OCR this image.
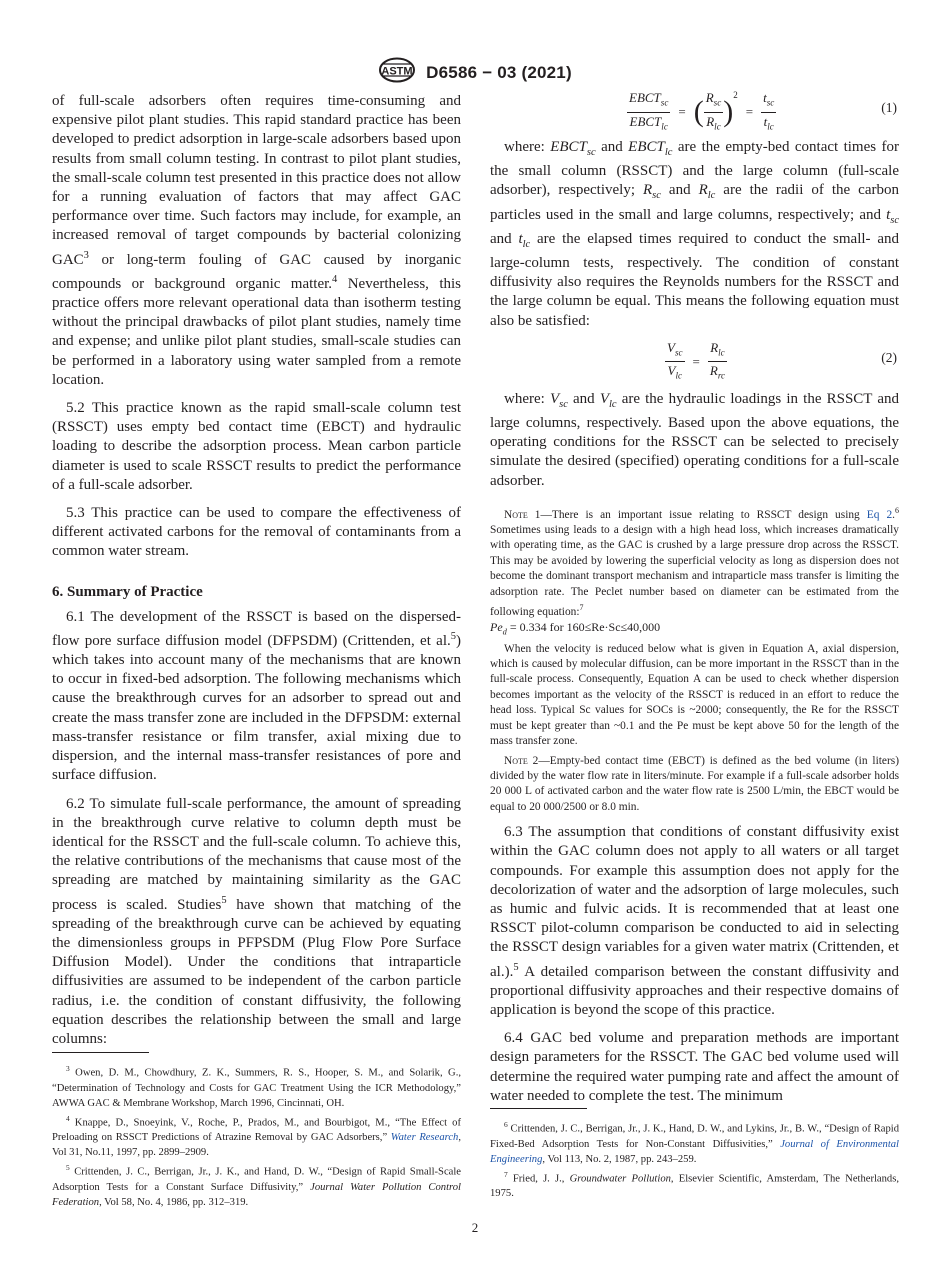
ASTM D6586 − 03 (2021)

of full-scale adsorbers often requires time-consuming and expensive pilot plant studies. This rapid standard practice has been developed to predict adsorption in large-scale adsorbers based upon results from small column testing. In contrast to pilot plant studies, the small-scale column test presented in this practice does not allow for a running evaluation of factors that may affect GAC performance over time. Such factors may include, for example, an increased removal of target compounds by bacterial colonizing GAC$^3$ or long-term fouling of GAC caused by inorganic compounds or background organic matter.$^4$ Nevertheless, this practice offers more relevant operational data than isotherm testing without the principal drawbacks of pilot plant studies, namely time and expense; and unlike pilot plant studies, small-scale studies can be performed in a laboratory using water sampled from a remote location.

5.2 This practice known as the rapid small-scale column test (RSSCT) uses empty bed contact time (EBCT) and hydraulic loading to describe the adsorption process. Mean carbon particle diameter is used to scale RSSCT results to predict the performance of a full-scale adsorber.

5.3 This practice can be used to compare the effectiveness of different activated carbons for the removal of contaminants from a common water stream.

6. Summary of Practice

6.1 The development of the RSSCT is based on the dispersed-flow pore surface diffusion model (DFPSDM) (Crittenden, et al.$^5$) which takes into account many of the mechanisms that are known to occur in fixed-bed adsorption. The following mechanisms which cause the breakthrough curves for an adsorber to spread out and create the mass transfer zone are included in the DFPSDM: external mass-transfer resistance or film transfer, axial mixing due to dispersion, and the internal mass-transfer resistances of pore and surface diffusion.

6.2 To simulate full-scale performance, the amount of spreading in the breakthrough curve relative to column depth must be identical for the RSSCT and the full-scale column. To achieve this, the relative contributions of the mechanisms that cause most of the spreading are matched by maintaining similarity as the GAC process is scaled. Studies$^5$ have shown that matching of the spreading of the breakthrough curve can be achieved by equating the dimensionless groups in PFPSDM (Plug Flow Pore Surface Diffusion Model). Under the conditions that intraparticle diffusivities are assumed to be independent of the carbon particle radius, i.e. the condition of constant diffusivity, the following equation describes the relationship between the small and large columns:

$^3$ Owen, D. M., Chowdhury, Z. K., Summers, R. S., Hooper, S. M., and Solarik, G., “Determination of Technology and Costs for GAC Treatment Using the ICR Methodology,” AWWA GAC & Membrane Workshop, March 1996, Cincinnati, OH.

$^4$ Knappe, D., Snoeyink, V., Roche, P., Prados, M., and Bourbigot, M., “The Effect of Preloading on RSSCT Predictions of Atrazine Removal by GAC Adsorbers,” Water Research, Vol 31, No.11, 1997, pp. 2899–2909.

$^5$ Crittenden, J. C., Berrigan, Jr., J. K., and Hand, D. W., “Design of Rapid Small-Scale Adsorption Tests for a Constant Surface Diffusivity,” Journal Water Pollution Control Federation, Vol 58, No. 4, 1986, pp. 312–319.

$\frac{EBCT_{sc}}{EBCT_{lc}}$ = ( $\frac{R_{sc}}{R_{lc}} )^2 = \frac{t_{sc}}{t_{lc}}$	(1)

where: $EBCT_{sc}$ and $EBCT_{lc}$ are the empty-bed contact times for the small column (RSSCT) and the large column (full-scale adsorber), respectively; $R_{sc}$ and $R_{lc}$ are the radii of the carbon particles used in the small and large columns, respectively; and $t_{sc}$ and $t_{lc}$ are the elapsed times required to conduct the small- and large-column tests, respectively. The condition of constant diffusivity also requires the Reynolds numbers for the RSSCT and the large column be equal. This means the following equation must also be satisfied:

$\frac{V_{sc}}{V_{lc}} = \frac{R_{lc}}{R_{rc}}$	(2)

where: $V_{sc}$ and $V_{lc}$ are the hydraulic loadings in the RSSCT and large columns, respectively. Based upon the above equations, the operating conditions for the RSSCT can be selected to precisely simulate the desired (specified) operating conditions for a full-scale adsorber.

Note 1—There is an important issue relating to RSSCT design using Eq 2.$^6$ Sometimes using leads to a design with a high head loss, which increases dramatically with operating time, as the GAC is crushed by a large pressure drop across the RSSCT. This may be avoided by lowering the superficial velocity as long as dispersion does not become the dominant transport mechanism and intraparticle mass transfer is limiting the adsorption rate. The Peclet number based on diameter can be estimated from the following equation:$^7$

$Pe_d = 0.334$ for 160≤Re·Sc≤40,000

When the velocity is reduced below what is given in Equation A, axial dispersion, which is caused by molecular diffusion, can be more important in the RSSCT than in the full-scale process. Consequently, Equation A can be used to check whether dispersion becomes important as the velocity of the RSSCT is reduced in an effort to reduce the head loss. Typical Sc values for SOCs is ~2000; consequently, the Re for the RSSCT must be kept greater than ~0.1 and the Pe must be kept above 50 for the length of the mass transfer zone.

Note 2—Empty-bed contact time (EBCT) is defined as the bed volume (in liters) divided by the water flow rate in liters/minute. For example if a full-scale adsorber holds 20 000 L of activated carbon and the water flow rate is 2500 L/min, the EBCT would be equal to 20 000/2500 or 8.0 min.

6.3 The assumption that conditions of constant diffusivity exist within the GAC column does not apply to all waters or all target compounds. For example this assumption does not apply for the decolorization of water and the adsorption of large molecules, such as humic and fulvic acids. It is recommended that at least one RSSCT pilot-column comparison be conducted to aid in selecting the RSSCT design variables for a given water matrix (Crittenden, et al.).$^5$ A detailed comparison between the constant diffusivity and proportional diffusivity approaches and their respective domains of application is beyond the scope of this practice.

6.4 GAC bed volume and preparation methods are important design parameters for the RSSCT. The GAC bed volume used will determine the required water pumping rate and affect the amount of water needed to complete the test. The minimum

$^6$ Crittenden, J. C., Berrigan, Jr., J. K., Hand, D. W., and Lykins, Jr., B. W., “Design of Rapid Fixed-Bed Adsorption Tests for Non-Constant Diffusivities,” Journal of Environmental Engineering, Vol 113, No. 2, 1987, pp. 243–259.

$^7$ Fried, J. J., Groundwater Pollution, Elsevier Scientific, Amsterdam, The Netherlands, 1975.

2
